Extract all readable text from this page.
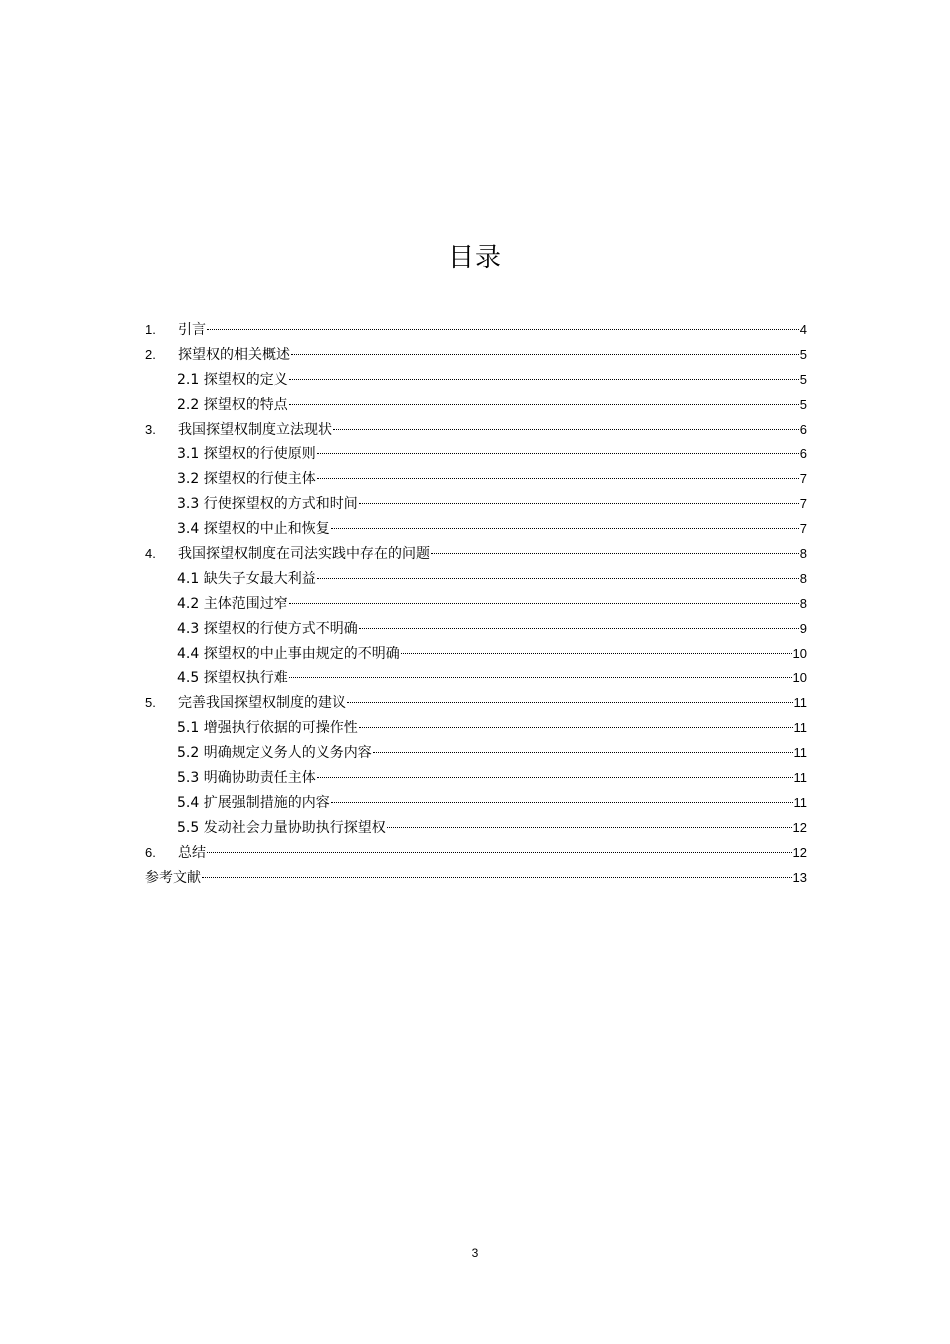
目录
1.	引言	4
2.	探望权的相关概述	5
2.1 探望权的定义	5
2.2 探望权的特点	5
3.	我国探望权制度立法现状	6
3.1 探望权的行使原则	6
3.2 探望权的行使主体	7
3.3 行使探望权的方式和时间	7
3.4 探望权的中止和恢复	7
4.	我国探望权制度在司法实践中存在的问题	8
4.1 缺失子女最大利益	8
4.2 主体范围过窄	8
4.3 探望权的行使方式不明确	9
4.4 探望权的中止事由规定的不明确	10
4.5 探望权执行难	10
5.	完善我国探望权制度的建议	11
5.1 增强执行依据的可操作性	11
5.2 明确规定义务人的义务内容	11
5.3 明确协助责任主体	11
5.4 扩展强制措施的内容	11
5.5 发动社会力量协助执行探望权	12
6.	总结	12
参考文献	13
3
